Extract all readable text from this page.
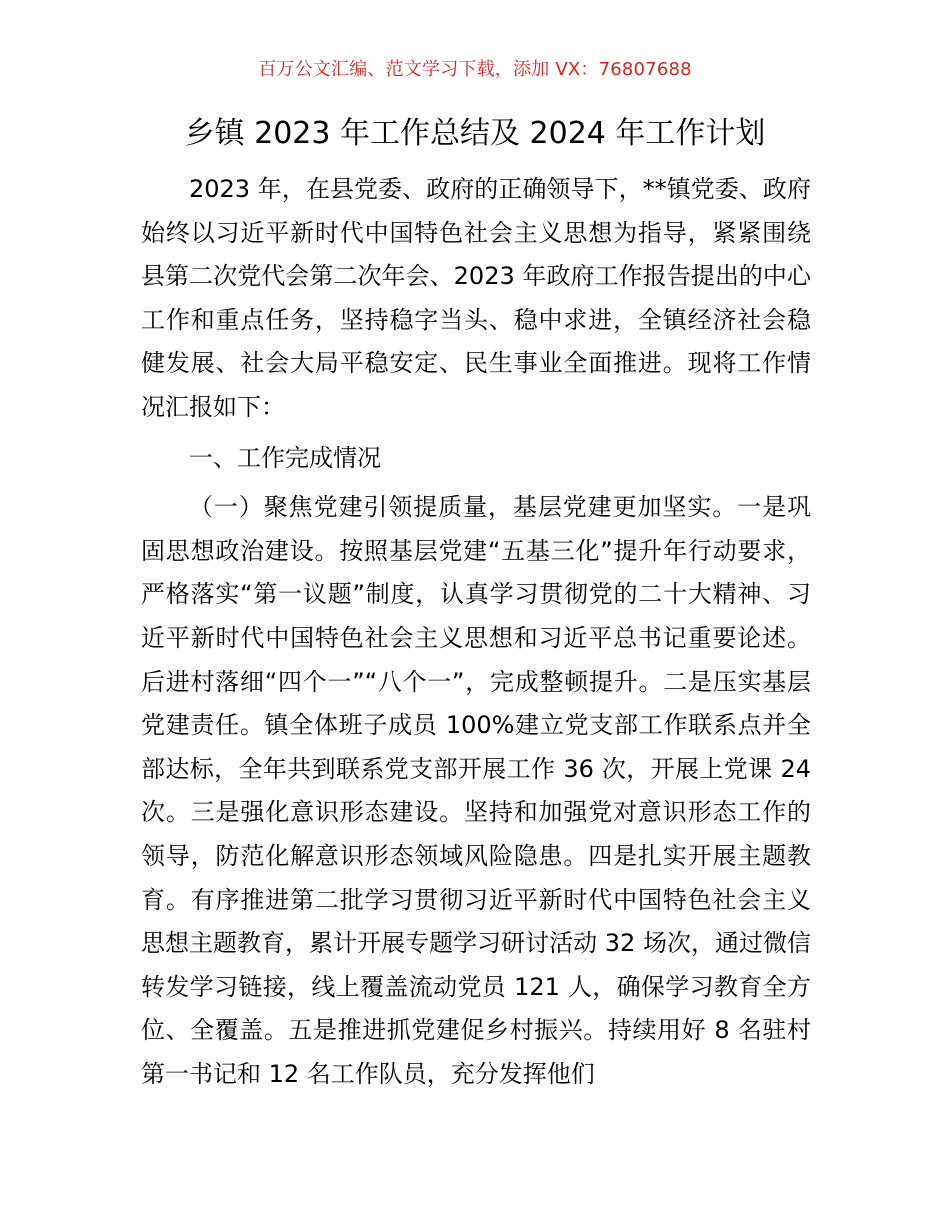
百万公文汇编、范文学习下载，添加 VX：76807688
乡镇 2023 年工作总结及 2024 年工作计划

2023 年，在县党委、政府的正确领导下，**镇党委、政府始终以习近平新时代中国特色社会主义思想为指导，紧紧围绕县第二次党代会第二次年会、2023 年政府工作报告提出的中心工作和重点任务，坚持稳字当头、稳中求进，全镇经济社会稳健发展、社会大局平稳安定、民生事业全面推进。现将工作情况汇报如下：

一、工作完成情况

（一）聚焦党建引领提质量，基层党建更加坚实。一是巩固思想政治建设。按照基层党建“五基三化”提升年行动要求，严格落实“第一议题”制度，认真学习贯彻党的二十大精神、习近平新时代中国特色社会主义思想和习近平总书记重要论述。后进村落细“四个一”“八个一”，完成整顿提升。二是压实基层党建责任。镇全体班子成员 100%建立党支部工作联系点并全部达标，全年共到联系党支部开展工作 36 次，开展上党课 24 次。三是强化意识形态建设。坚持和加强党对意识形态工作的领导，防范化解意识形态领域风险隐患。四是扎实开展主题教育。有序推进第二批学习贯彻习近平新时代中国特色社会主义思想主题教育，累计开展专题学习研讨活动 32 场次，通过微信转发学习链接，线上覆盖流动党员 121 人，确保学习教育全方位、全覆盖。五是推进抓党建促乡村振兴。持续用好 8 名驻村第一书记和 12 名工作队员，充分发挥他们
